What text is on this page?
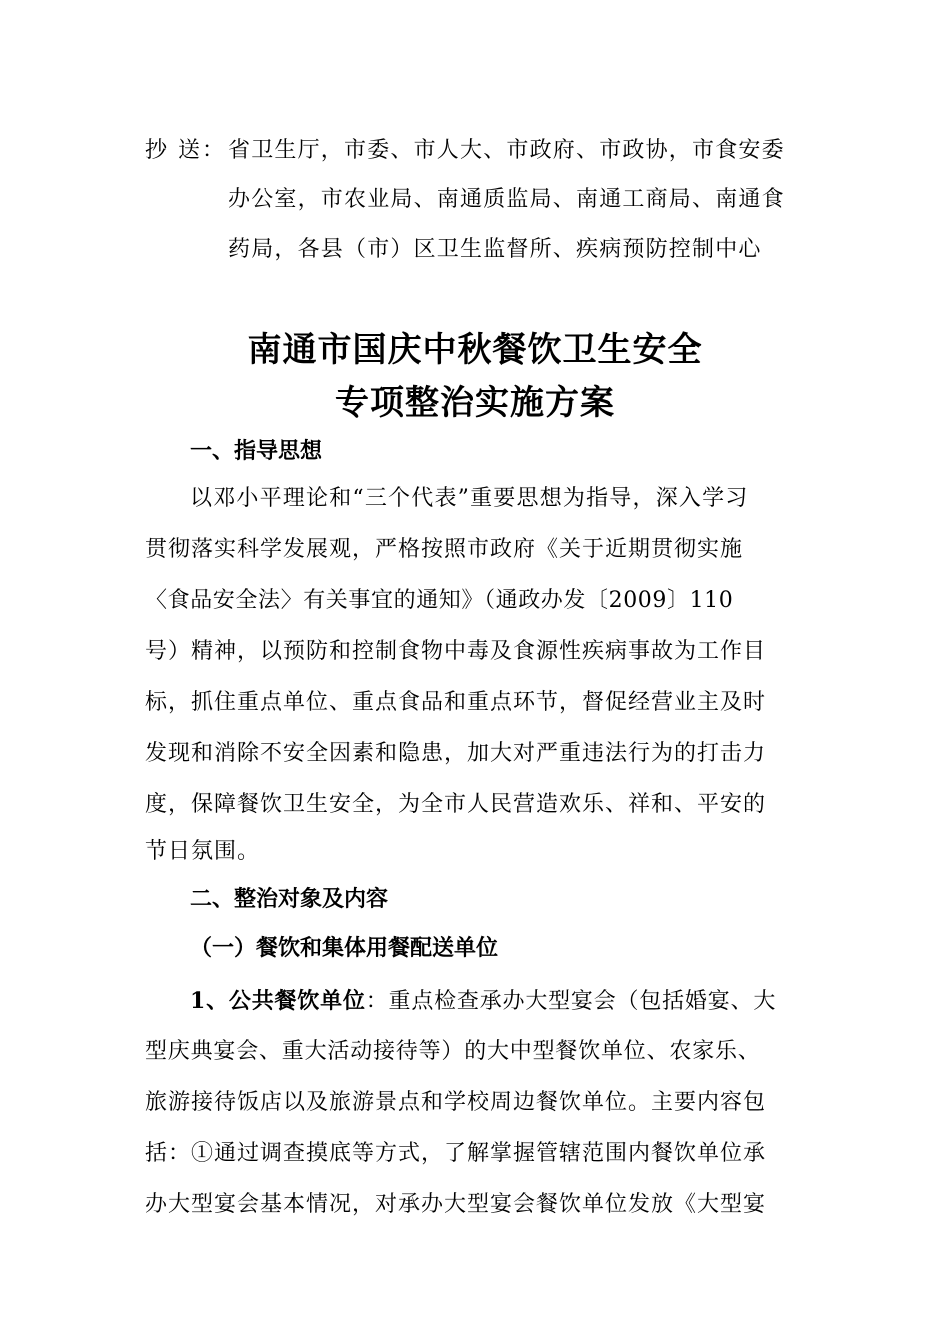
抄 送： 省卫生厅，市委、市人大、市政府、市政协，市食安委
办公室，市农业局、南通质监局、南通工商局、南通食
药局，各县（市）区卫生监督所、疾病预防控制中心
南通市国庆中秋餐饮卫生安全
专项整治实施方案
一、指导思想
以邓小平理论和“三个代表”重要思想为指导，深入学习
贯彻落实科学发展观，严格按照市政府《关于近期贯彻实施
〈食品安全法〉有关事宜的通知》（通政办发〔2009〕110
号）精神，以预防和控制食物中毒及食源性疾病事故为工作目
标，抓住重点单位、重点食品和重点环节，督促经营业主及时
发现和消除不安全因素和隐患，加大对严重违法行为的打击力
度，保障餐饮卫生安全，为全市人民营造欢乐、祥和、平安的
节日氛围。
二、整治对象及内容
（一）餐饮和集体用餐配送单位
1、公共餐饮单位：重点检查承办大型宴会（包括婚宴、大
型庆典宴会、重大活动接待等）的大中型餐饮单位、农家乐、
旅游接待饭店以及旅游景点和学校周边餐饮单位。主要内容包
括：①通过调查摸底等方式，了解掌握管辖范围内餐饮单位承
办大型宴会基本情况，对承办大型宴会餐饮单位发放《大型宴
